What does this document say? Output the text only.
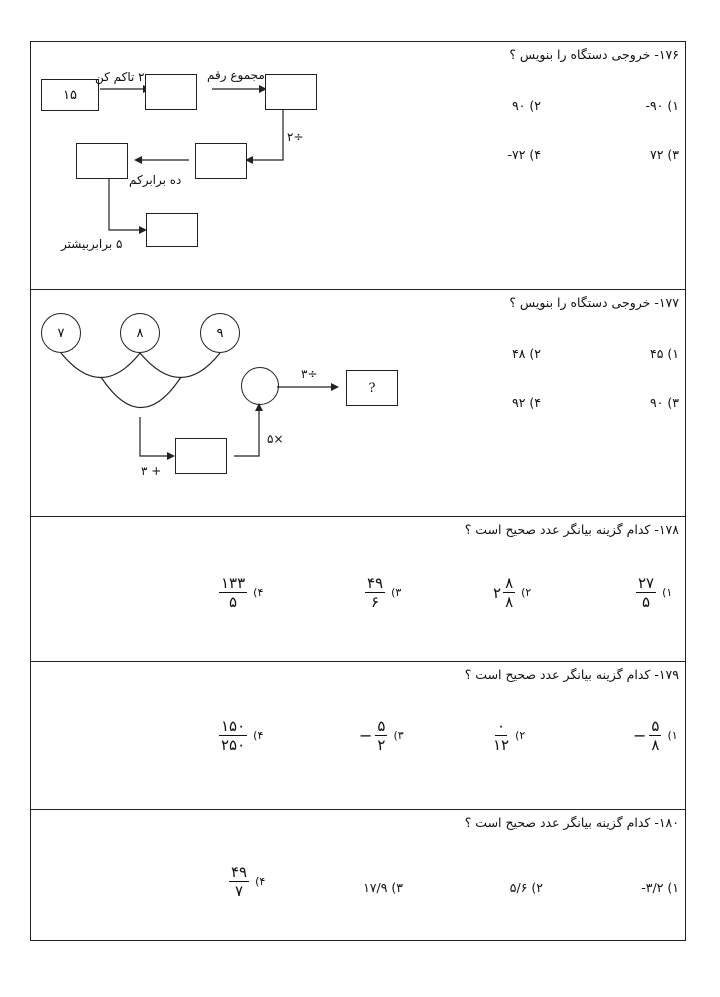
۱۷۶- خروجی دستگاه را بنویس ؟
۱۵
۲ تاکم کن	مجموع رقم
÷۲
ده برابرکم
۵ برابربیشتر
۱) ۹۰-
۲) ۹۰
۳) ۷۲
۴) ۷۲-
۱۷۷- خروجی دستگاه را بنویس ؟
۷	۸	۹
?
+ ۳
×۵
÷۳
۱) ۴۵
۲) ۴۸
۳) ۹۰
۴) ۹۲
۱۷۸- کدام گزینه بیانگر عدد صحیح است ؟
$\frac{۲۷}{۵}$ (۱
۲ $\frac{۸}{۸}$ (۲
$\frac{۴۹}{۶}$ (۳
$\frac{۱۳۳}{۵}$ (۴
۱۷۹- کدام گزینه بیانگر عدد صحیح است ؟
− $\frac{۵}{۸}$ (۱
$\frac{۰}{۱۲}$ (۲
− $\frac{۵}{۲}$ (۳
$\frac{۱۵۰}{۲۵۰}$ (۴
۱۸۰- کدام گزینه بیانگر عدد صحیح است ؟
۱) ۳/۲-
۲) ۵/۶
۳) ۱۷/۹
$\frac{۴۹}{۷}$ (۴
